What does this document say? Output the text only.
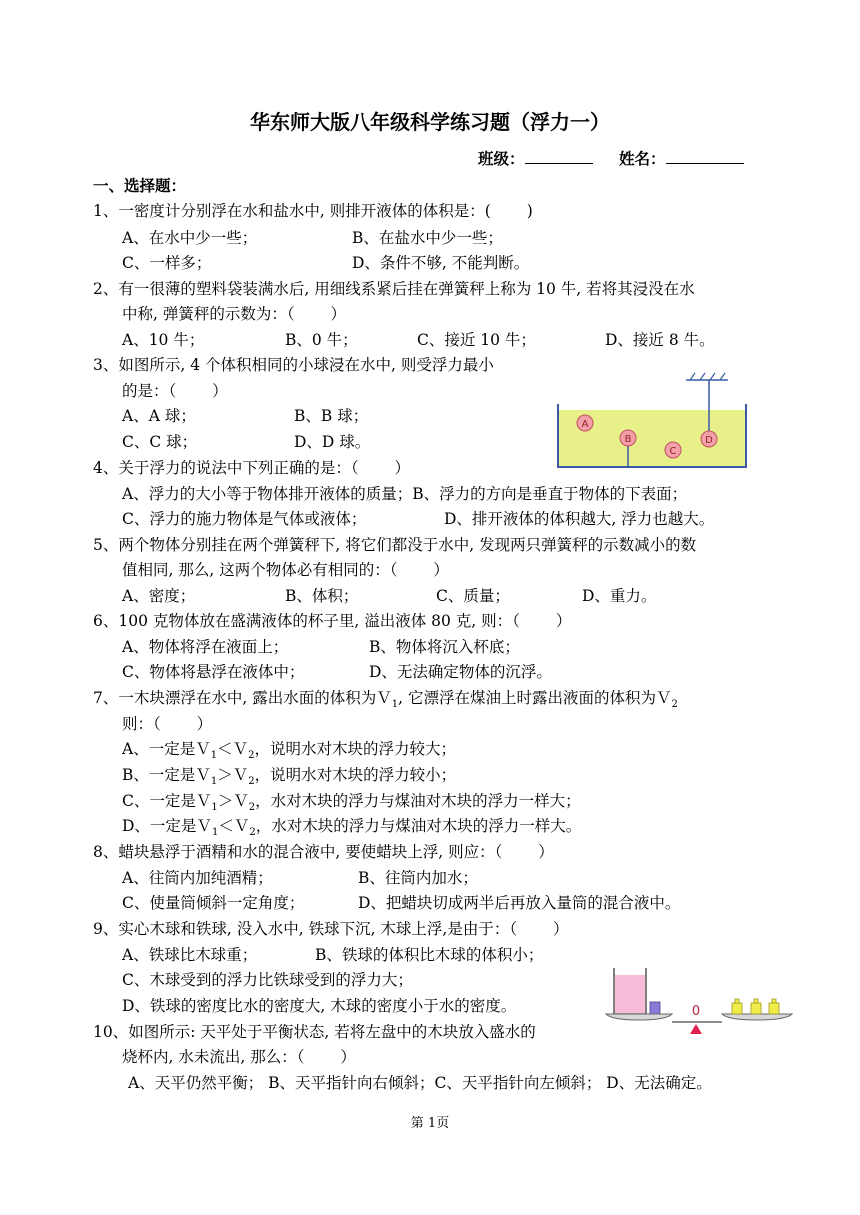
华东师大版八年级科学练习题（浮力一）
班级：	姓名：
一、选择题：
1、一密度计分别浮在水和盐水中, 则排开液体的体积是：(　　 )
A、在水中少一些；	B、在盐水中少一些；
C、一样多；	D、条件不够, 不能判断。
2、有一很薄的塑料袋装满水后, 用细线系紧后挂在弹簧秤上称为 10 牛, 若将其浸没在水
中称, 弹簧秤的示数为：（　　 ）
A、10 牛；	B、0 牛；	C、接近 10 牛；	D、接近 8 牛。
3、如图所示, 4 个体积相同的小球浸在水中, 则受浮力最小
的是：（　　 ）
A、A 球；	B、B 球；
C、C 球；	D、D 球。
A
B
C
D
4、关于浮力的说法中下列正确的是：（　　 ）
A、浮力的大小等于物体排开液体的质量；B、浮力的方向是垂直于物体的下表面；
C、浮力的施力物体是气体或液体；	D、排开液体的体积越大, 浮力也越大。
5、两个物体分别挂在两个弹簧秤下, 将它们都没于水中, 发现两只弹簧秤的示数减小的数
值相同, 那么, 这两个物体必有相同的：（　　 ）
A、密度；	B、体积；	C、质量；	D、重力。
6、100 克物体放在盛满液体的杯子里, 溢出液体 80 克, 则：（　　 ）
A、物体将浮在液面上；	B、物体将沉入杯底；
C、物体将悬浮在液体中；	D、无法确定物体的沉浮。
7、一木块漂浮在水中, 露出水面的体积为Ｖ$_1$, 它漂浮在煤油上时露出液面的体积为Ｖ$_2$
则：（　　 ）
A、一定是Ｖ$_1$＜Ｖ$_2$，说明水对木块的浮力较大；
B、一定是Ｖ$_1$＞Ｖ$_2$，说明水对木块的浮力较小；
C、一定是Ｖ$_1$＞Ｖ$_2$，水对木块的浮力与煤油对木块的浮力一样大；
D、一定是Ｖ$_1$＜Ｖ$_2$，水对木块的浮力与煤油对木块的浮力一样大。
8、蜡块悬浮于酒精和水的混合液中, 要使蜡块上浮, 则应：（　　 ）
A、往筒内加纯酒精；	B、往筒内加水；
C、使量筒倾斜一定角度；	D、把蜡块切成两半后再放入量筒的混合液中。
9、实心木球和铁球, 没入水中, 铁球下沉, 木球上浮,是由于：（　　 ）
A、铁球比木球重；	B、铁球的体积比木球的体积小；
C、木球受到的浮力比铁球受到的浮力大；
D、铁球的密度比水的密度大, 木球的密度小于水的密度。	0
10、如图所示: 天平处于平衡状态, 若将左盘中的木块放入盛水的
烧杯内, 水未流出, 那么：（　　 ）
A、天平仍然平衡； B、天平指针向右倾斜；C、天平指针向左倾斜； D、无法确定。
第 1页
